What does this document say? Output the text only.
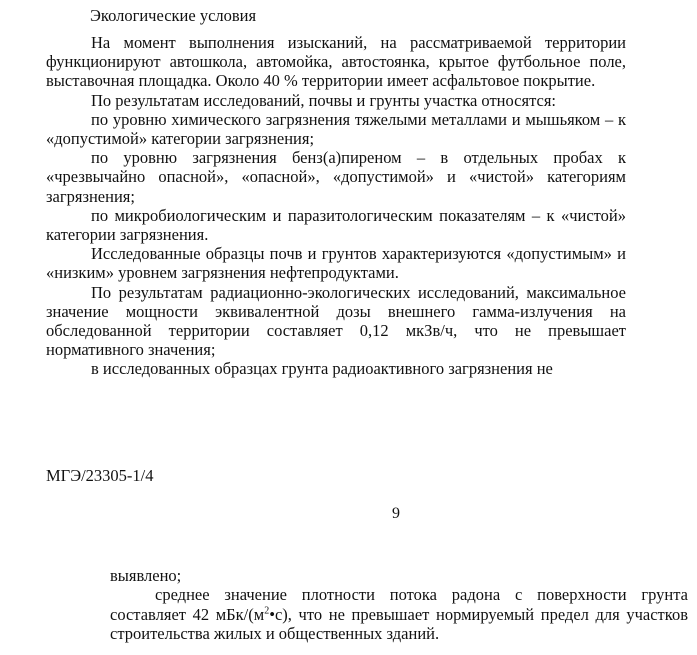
Экологические условия

На момент выполнения изысканий, на рассматриваемой территории функционируют автошкола, автомойка, автостоянка, крытое футбольное поле, выставочная площадка. Около 40 % территории имеет асфальтовое покрытие.

По результатам исследований, почвы и грунты участка относятся:

по уровню химического загрязнения тяжелыми металлами и мышьяком – к «допустимой» категории загрязнения;

по уровню загрязнения бенз(а)пиреном – в отдельных пробах к «чрезвычайно опасной», «опасной», «допустимой» и «чистой» категориям загрязнения;

по микробиологическим и паразитологическим показателям – к «чистой» категории загрязнения.

Исследованные образцы почв и грунтов характеризуются «допустимым» и «низким» уровнем загрязнения нефтепродуктами.

По результатам радиационно-экологических исследований, максимальное значение мощности эквивалентной дозы внешнего гамма-излучения на обследованной территории составляет 0,12 мкЗв/ч, что не превышает нормативного значения;

в исследованных образцах грунта радиоактивного загрязнения не

МГЭ/23305-1/4

9

выявлено;

среднее значение плотности потока радона с поверхности грунта составляет 42 мБк/$(м^2•с)$, что не превышает нормируемый предел для участков строительства жилых и общественных зданий.
